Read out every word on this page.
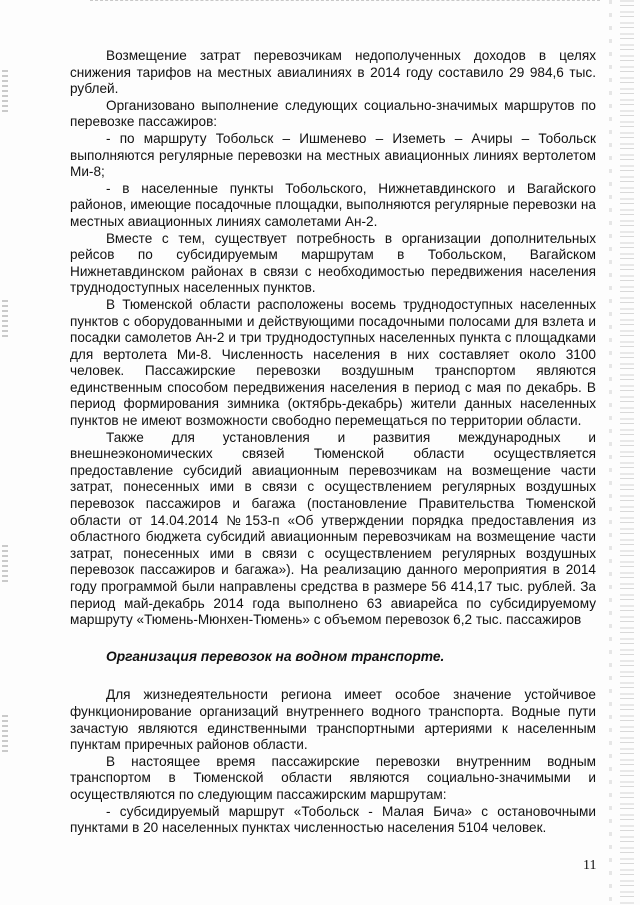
Возмещение затрат перевозчикам недополученных доходов в целях снижения тарифов на местных авиалиниях в 2014 году составило 29 984,6 тыс. рублей.

Организовано выполнение следующих социально-значимых маршрутов по перевозке пассажиров:

- по маршруту Тобольск – Ишменево – Иземеть – Ачиры – Тобольск выполняются регулярные перевозки на местных авиационных линиях вертолетом Ми-8;

- в населенные пункты Тобольского, Нижнетавдинского и Вагайского районов, имеющие посадочные площадки, выполняются регулярные перевозки на местных авиационных линиях самолетами Ан-2.

Вместе с тем, существует потребность в организации дополнительных рейсов по субсидируемым маршрутам в Тобольском, Вагайском Нижнетавдинском районах в связи с необходимостью передвижения населения труднодоступных населенных пунктов.

В Тюменской области расположены восемь труднодоступных населенных пунктов с оборудованными и действующими посадочными полосами для взлета и посадки самолетов Ан-2 и три труднодоступных населенных пункта с площадками для вертолета Ми-8. Численность населения в них составляет около 3100 человек. Пассажирские перевозки воздушным транспортом являются единственным способом передвижения населения в период с мая по декабрь. В период формирования зимника (октябрь-декабрь) жители данных населенных пунктов не имеют возможности свободно перемещаться по территории области.

Также для установления и развития международных и внешнеэкономических связей Тюменской области осуществляется предоставление субсидий авиационным перевозчикам на возмещение части затрат, понесенных ими в связи с осуществлением регулярных воздушных перевозок пассажиров и багажа (постановление Правительства Тюменской области от 14.04.2014 №153-п «Об утверждении порядка предоставления из областного бюджета субсидий авиационным перевозчикам на возмещение части затрат, понесенных ими в связи с осуществлением регулярных воздушных перевозок пассажиров и багажа»). На реализацию данного мероприятия в 2014 году программой были направлены средства в размере 56 414,17 тыс. рублей. За период май-декабрь 2014 года выполнено 63 авиарейса по субсидируемому маршруту «Тюмень-Мюнхен-Тюмень» с объемом перевозок 6,2 тыс. пассажиров

Организация перевозок на водном транспорте.

Для жизнедеятельности региона имеет особое значение устойчивое функционирование организаций внутреннего водного транспорта. Водные пути зачастую являются единственными транспортными артериями к населенным пунктам приречных районов области.

В настоящее время пассажирские перевозки внутренним водным транспортом в Тюменской области являются социально-значимыми и осуществляются по следующим пассажирским маршрутам:

- субсидируемый маршрут «Тобольск - Малая Бича» с остановочными пунктами в 20 населенных пунктах численностью населения 5104 человек.

11
